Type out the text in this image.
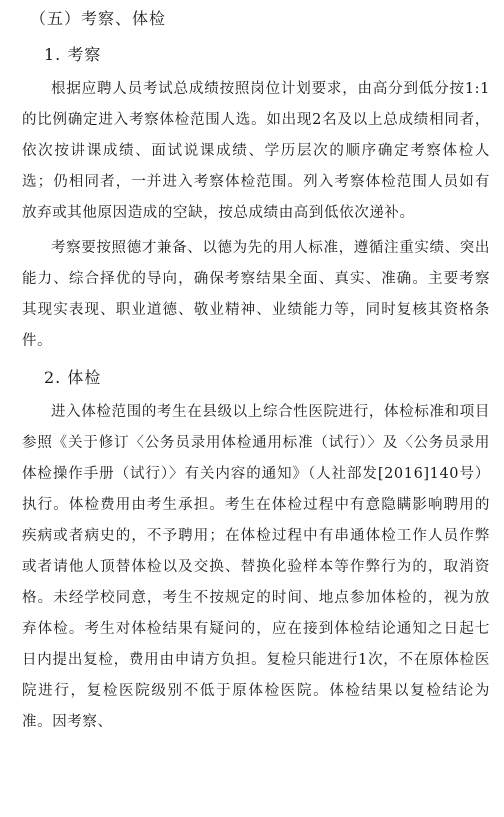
（五）考察、体检
1. 考察

根据应聘人员考试总成绩按照岗位计划要求，由高分到低分按1:1的比例确定进入考察体检范围人选。如出现2名及以上总成绩相同者，依次按讲课成绩、面试说课成绩、学历层次的顺序确定考察体检人选；仍相同者，一并进入考察体检范围。列入考察体检范围人员如有放弃或其他原因造成的空缺，按总成绩由高到低依次递补。

考察要按照德才兼备、以德为先的用人标准，遵循注重实绩、突出能力、综合择优的导向，确保考察结果全面、真实、准确。主要考察其现实表现、职业道德、敬业精神、业绩能力等，同时复核其资格条件。

2. 体检

进入体检范围的考生在县级以上综合性医院进行，体检标准和项目参照《关于修订〈公务员录用体检通用标准（试行）〉及〈公务员录用体检操作手册（试行）〉有关内容的通知》（人社部发[2016]140号）执行。体检费用由考生承担。考生在体检过程中有意隐瞒影响聘用的疾病或者病史的，不予聘用；在体检过程中有串通体检工作人员作弊或者请他人顶替体检以及交换、替换化验样本等作弊行为的，取消资格。未经学校同意，考生不按规定的时间、地点参加体检的，视为放弃体检。考生对体检结果有疑问的，应在接到体检结论通知之日起七日内提出复检，费用由申请方负担。复检只能进行1次，不在原体检医院进行，复检医院级别不低于原体检医院。体检结果以复检结论为准。因考察、
